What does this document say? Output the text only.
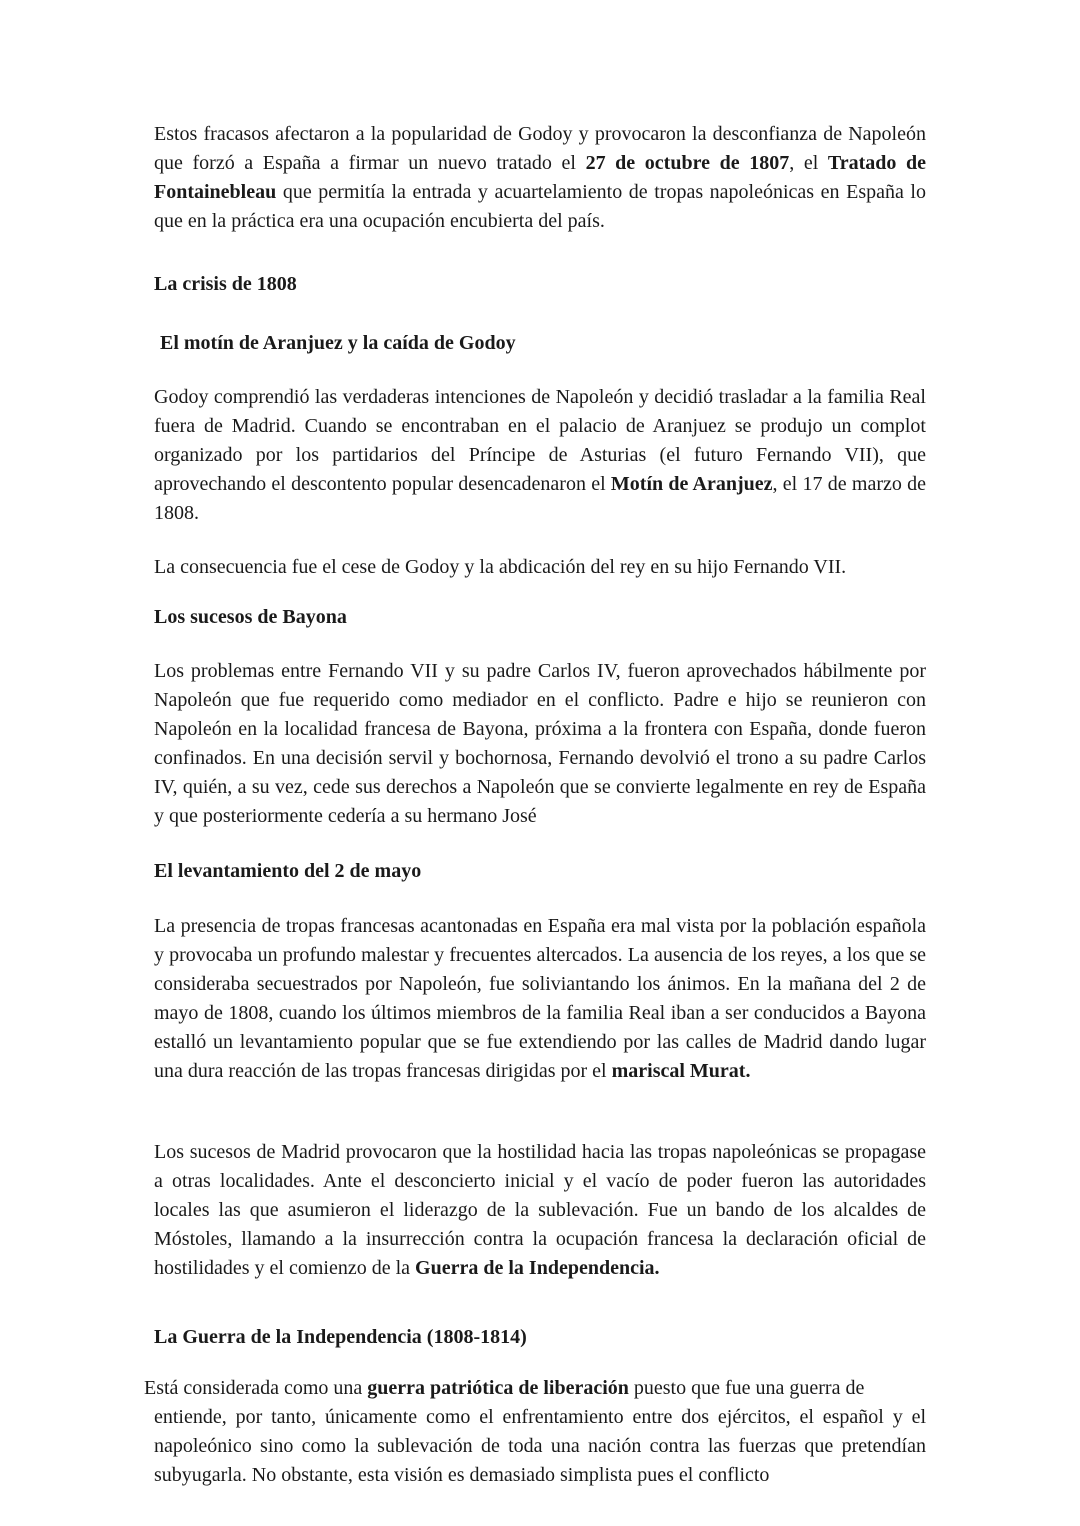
Estos fracasos afectaron a la popularidad de Godoy y provocaron la desconfianza de Napoleón que forzó a España a firmar un nuevo tratado el 27 de octubre de 1807, el Tratado de Fontainebleau que permitía la entrada y acuartelamiento de tropas napoleónicas en España lo que en la práctica era una ocupación encubierta del país.

La crisis de 1808

El motín de Aranjuez y la caída de Godoy

Godoy comprendió las verdaderas intenciones de Napoleón y decidió trasladar a la familia Real fuera de Madrid. Cuando se encontraban en el palacio de Aranjuez se produjo un complot organizado por los partidarios del Príncipe de Asturias (el futuro Fernando VII), que aprovechando el descontento popular desencadenaron el Motín de Aranjuez, el 17 de marzo de 1808.

La consecuencia fue el cese de Godoy y la abdicación del rey en su hijo Fernando VII.

Los sucesos de Bayona

Los problemas entre Fernando VII y su padre Carlos IV, fueron aprovechados hábilmente por Napoleón que fue requerido como mediador en el conflicto. Padre e hijo se reunieron con Napoleón en la localidad francesa de Bayona, próxima a la frontera con España, donde fueron confinados. En una decisión servil y bochornosa, Fernando devolvió el trono a su padre Carlos IV, quién, a su vez, cede sus derechos a Napoleón que se convierte legalmente en rey de España y que posteriormente cedería a su hermano José

El levantamiento del 2 de mayo

La presencia de tropas francesas acantonadas en España era mal vista por la población española y provocaba un profundo malestar y frecuentes altercados. La ausencia de los reyes, a los que se consideraba secuestrados por Napoleón, fue soliviantando los ánimos. En la mañana del 2 de mayo de 1808, cuando los últimos miembros de la familia Real iban a ser conducidos a Bayona estalló un levantamiento popular que se fue extendiendo por las calles de Madrid dando lugar una dura reacción de las tropas francesas dirigidas por el mariscal Murat.

Los sucesos de Madrid provocaron que la hostilidad hacia las tropas napoleónicas se propagase a otras localidades. Ante el desconcierto inicial y el vacío de poder fueron las autoridades locales las que asumieron el liderazgo de la sublevación. Fue un bando de los alcaldes de Móstoles, llamando a la insurrección contra la ocupación francesa la declaración oficial de hostilidades y el comienzo de la Guerra de la Independencia.

La Guerra de la Independencia (1808-1814)

Está considerada como una guerra patriótica de liberación puesto que fue una guerra de

entiende, por tanto, únicamente como el enfrentamiento entre dos ejércitos, el español y el napoleónico sino como la sublevación de toda una nación contra las fuerzas que pretendían subyugarla. No obstante, esta visión es demasiado simplista pues el conflicto
